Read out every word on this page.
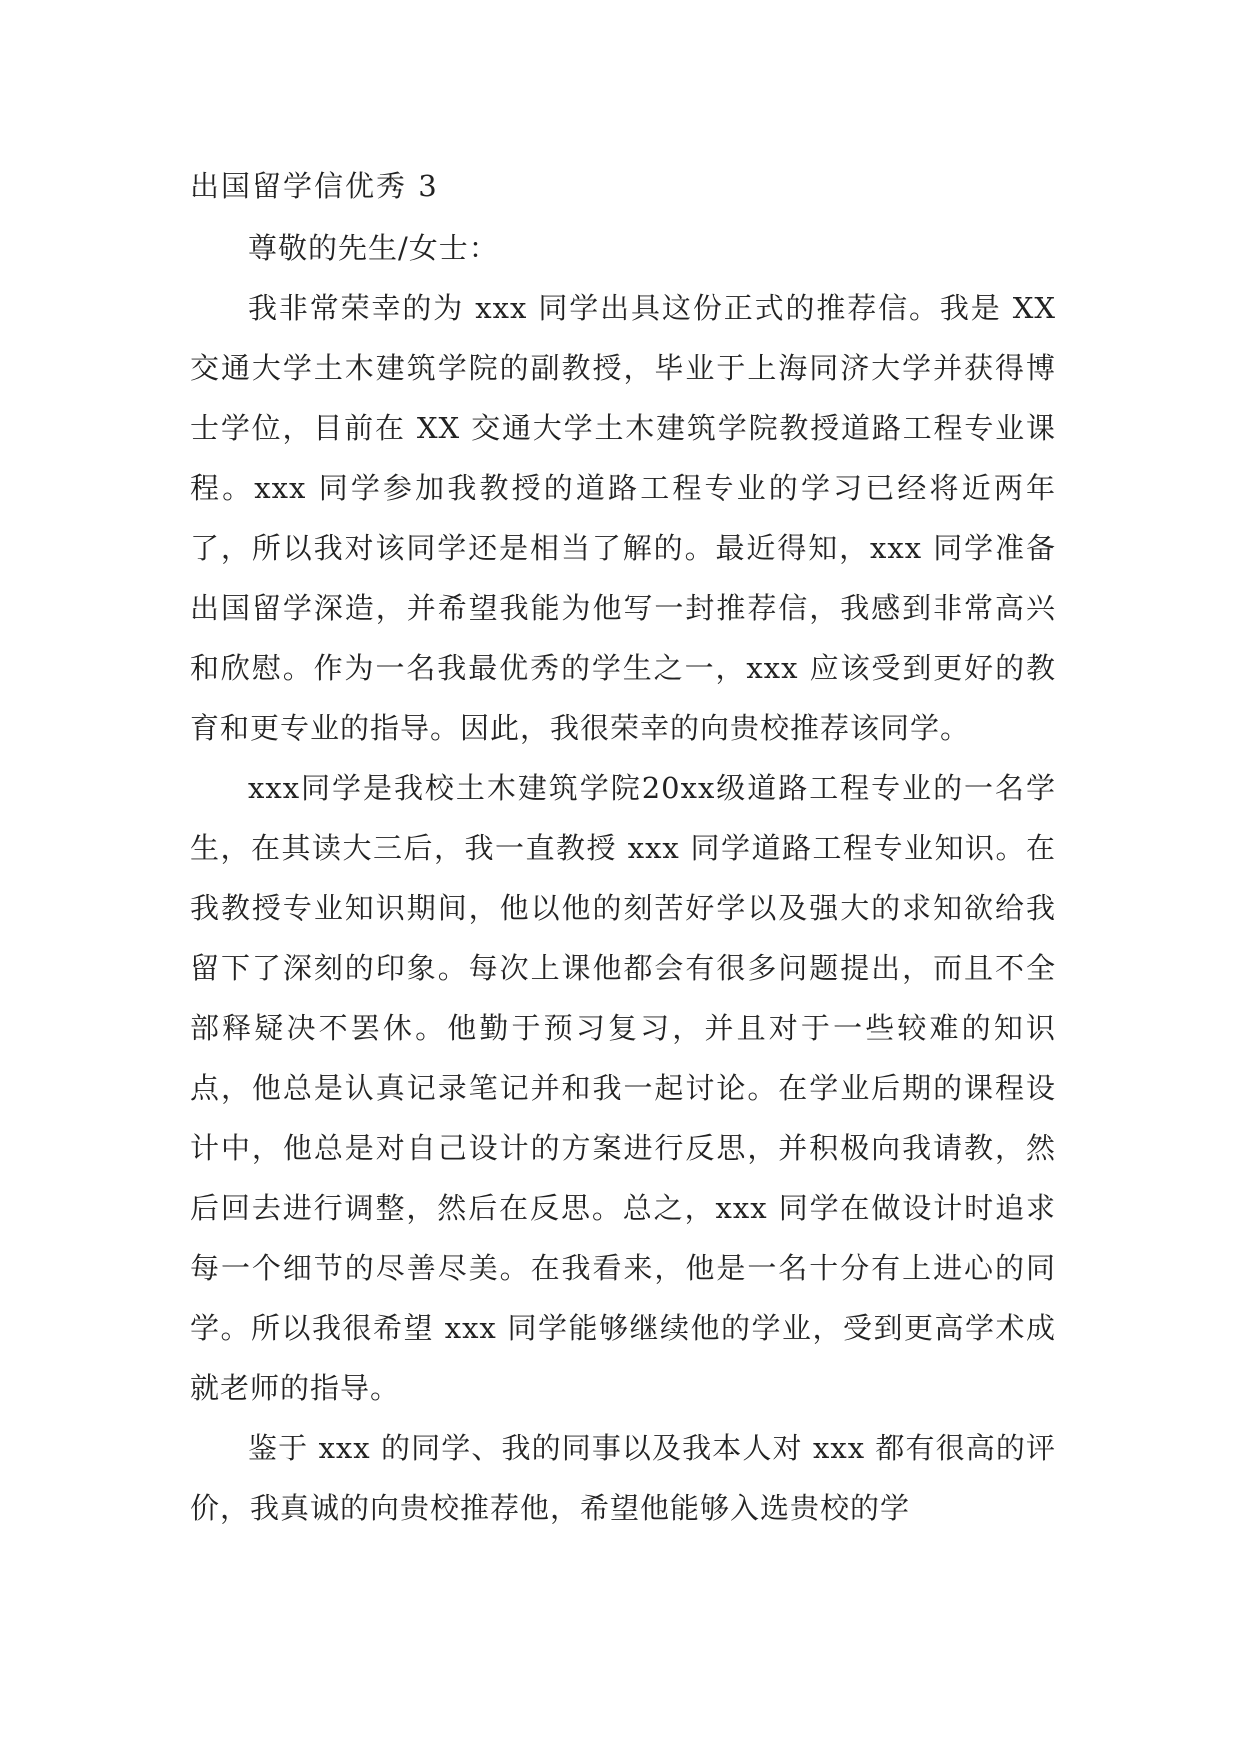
出国留学信优秀 3

尊敬的先生/女士：

我非常荣幸的为 xxx 同学出具这份正式的推荐信。我是 XX 交通大学土木建筑学院的副教授，毕业于上海同济大学并获得博士学位，目前在 XX 交通大学土木建筑学院教授道路工程专业课程。xxx 同学参加我教授的道路工程专业的学习已经将近两年了，所以我对该同学还是相当了解的。最近得知，xxx 同学准备出国留学深造，并希望我能为他写一封推荐信，我感到非常高兴和欣慰。作为一名我最优秀的学生之一，xxx 应该受到更好的教育和更专业的指导。因此，我很荣幸的向贵校推荐该同学。

xxx同学是我校土木建筑学院20xx级道路工程专业的一名学生，在其读大三后，我一直教授 xxx 同学道路工程专业知识。在我教授专业知识期间，他以他的刻苦好学以及强大的求知欲给我留下了深刻的印象。每次上课他都会有很多问题提出，而且不全部释疑决不罢休。他勤于预习复习，并且对于一些较难的知识点，他总是认真记录笔记并和我一起讨论。在学业后期的课程设计中，他总是对自己设计的方案进行反思，并积极向我请教，然后回去进行调整，然后在反思。总之，xxx 同学在做设计时追求每一个细节的尽善尽美。在我看来，他是一名十分有上进心的同学。所以我很希望 xxx 同学能够继续他的学业，受到更高学术成就老师的指导。

鉴于 xxx 的同学、我的同事以及我本人对 xxx 都有很高的评价，我真诚的向贵校推荐他，希望他能够入选贵校的学
